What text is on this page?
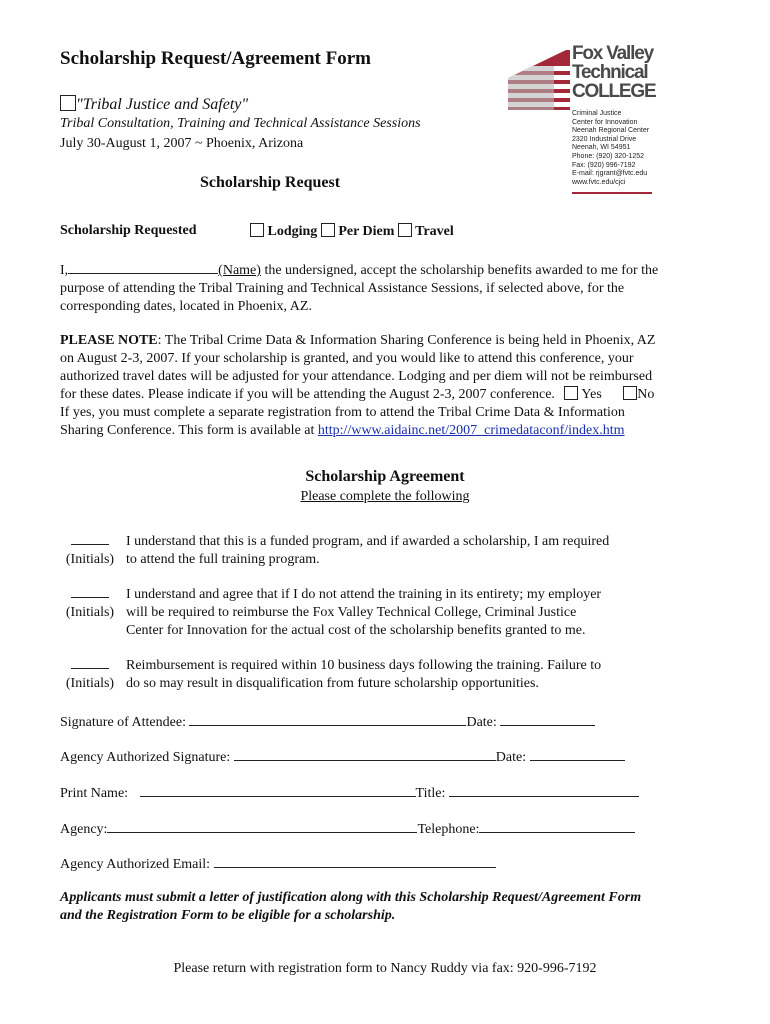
Scholarship Request/Agreement Form
"Tribal Justice and Safety"
Tribal Consultation, Training and Technical Assistance Sessions
July 30-August 1, 2007 ~ Phoenix, Arizona
Fox Valley
Technical
COLLEGE
Criminal Justice
Center for Innovation
Neenah Regional Center
2320 Industrial Drive
Neenah, WI 54951
Phone: (920) 320-1252
Fax: (920) 996-7192
E-mail: rjgrant@fvtc.edu
www.fvtc.edu/cjci
Scholarship Request
Scholarship Requested	Lodging Per Diem Travel
I,	(Name) the undersigned, accept the scholarship benefits awarded to me for the
purpose of attending the Tribal Training and Technical Assistance Sessions, if selected above, for the
corresponding dates, located in Phoenix, AZ.
PLEASE NOTE: The Tribal Crime Data & Information Sharing Conference is being held in Phoenix, AZ
on August 2-3, 2007. If your scholarship is granted, and you would like to attend this conference, your
authorized travel dates will be adjusted for your attendance. Lodging and per diem will not be reimbursed
for these dates. Please indicate if you will be attending the August 2-3, 2007 conference. Yes	No
If yes, you must complete a separate registration from to attend the Tribal Crime Data & Information
Sharing Conference. This form is available at http://www.aidainc.net/2007_crimedataconf/index.htm
Scholarship Agreement
Please complete the following
(Initials)
I understand that this is a funded program, and if awarded a scholarship, I am required
to attend the full training program.
(Initials)
I understand and agree that if I do not attend the training in its entirety; my employer
will be required to reimburse the Fox Valley Technical College, Criminal Justice
Center for Innovation for the actual cost of the scholarship benefits granted to me.
(Initials)
Reimbursement is required within 10 business days following the training. Failure to
do so may result in disqualification from future scholarship opportunities.
Signature of Attendee:	Date:
Agency Authorized Signature:	Date:
Print Name:	Title:
Agency:	Telephone:
Agency Authorized Email:
Applicants must submit a letter of justification along with this Scholarship Request/Agreement Form
and the Registration Form to be eligible for a scholarship.
Please return with registration form to Nancy Ruddy via fax: 920-996-7192
